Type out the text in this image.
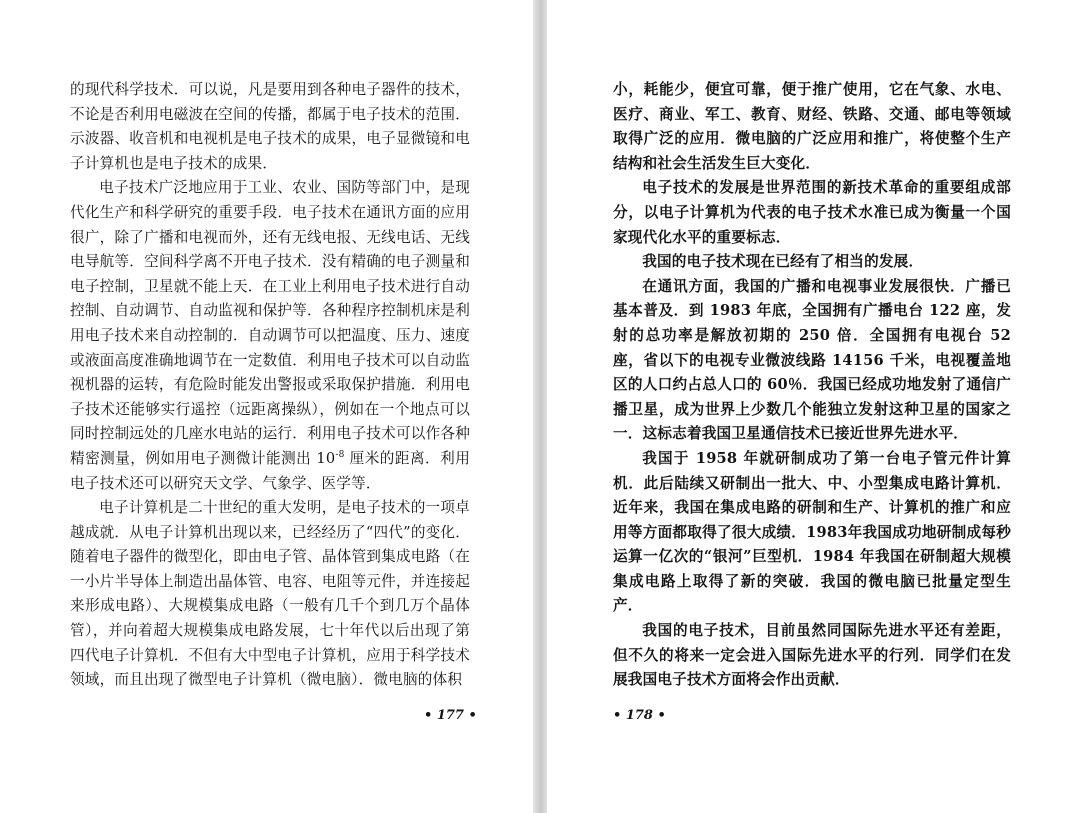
的现代科学技术．可以说，凡是要用到各种电子器件的技术，不论是否利用电磁波在空间的传播，都属于电子技术的范围．示波器、收音机和电视机是电子技术的成果，电子显微镜和电子计算机也是电子技术的成果．

电子技术广泛地应用于工业、农业、国防等部门中，是现代化生产和科学研究的重要手段．电子技术在通讯方面的应用很广，除了广播和电视而外，还有无线电报、无线电话、无线电导航等．空间科学离不开电子技术．没有精确的电子测量和电子控制，卫星就不能上天．在工业上利用电子技术进行自动控制、自动调节、自动监视和保护等．各种程序控制机床是利用电子技术来自动控制的．自动调节可以把温度、压力、速度或液面高度准确地调节在一定数值．利用电子技术可以自动监视机器的运转，有危险时能发出警报或采取保护措施．利用电子技术还能够实行遥控（远距离操纵），例如在一个地点可以同时控制远处的几座水电站的运行．利用电子技术可以作各种精密测量，例如用电子测微计能测出 $10^{-8}$ 厘米的距离．利用电子技术还可以研究天文学、气象学、医学等．

电子计算机是二十世纪的重大发明，是电子技术的一项卓越成就．从电子计算机出现以来，已经经历了“四代”的变化．随着电子器件的微型化，即由电子管、晶体管到集成电路（在一小片半导体上制造出晶体管、电容、电阻等元件，并连接起来形成电路）、大规模集成电路（一般有几千个到几万个晶体管），并向着超大规模集成电路发展，七十年代以后出现了第四代电子计算机．不但有大中型电子计算机，应用于科学技术领域，而且出现了微型电子计算机（微电脑）．微电脑的体积

• 177 •

小，耗能少，便宜可靠，便于推广使用，它在气象、水电、医疗、商业、军工、教育、财经、铁路、交通、邮电等领域取得广泛的应用．微电脑的广泛应用和推广，将使整个生产结构和社会生活发生巨大变化．

电子技术的发展是世界范围的新技术革命的重要组成部分，以电子计算机为代表的电子技术水准已成为衡量一个国家现代化水平的重要标志．

我国的电子技术现在已经有了相当的发展．

在通讯方面，我国的广播和电视事业发展很快．广播已基本普及．到 1983 年底，全国拥有广播电台 122 座，发射的总功率是解放初期的 250 倍．全国拥有电视台 52 座，省以下的电视专业微波线路 14156 千米，电视覆盖地区的人口约占总人口的 60％．我国已经成功地发射了通信广播卫星，成为世界上少数几个能独立发射这种卫星的国家之一．这标志着我国卫星通信技术已接近世界先进水平．

我国于 1958 年就研制成功了第一台电子管元件计算机．此后陆续又研制出一批大、中、小型集成电路计算机．近年来，我国在集成电路的研制和生产、计算机的推广和应用等方面都取得了很大成绩．1983年我国成功地研制成每秒运算一亿次的“银河”巨型机．1984 年我国在研制超大规模集成电路上取得了新的突破．我国的微电脑已批量定型生产．

我国的电子技术，目前虽然同国际先进水平还有差距，但不久的将来一定会进入国际先进水平的行列．同学们在发展我国电子技术方面将会作出贡献．

• 178 •
